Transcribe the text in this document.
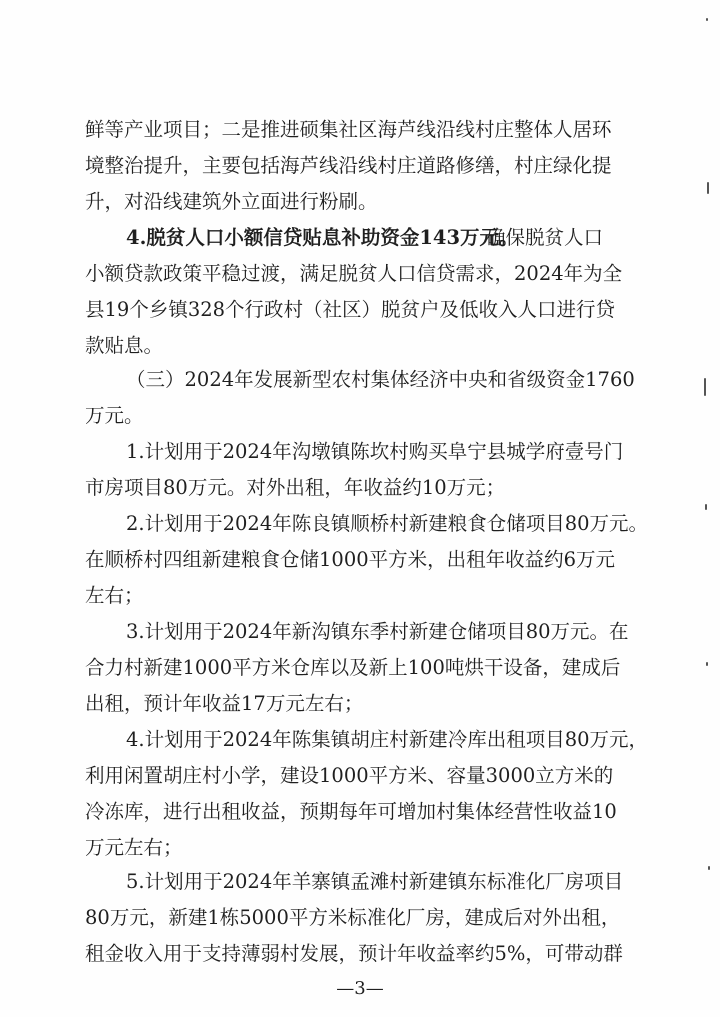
鲜等产业项目；二是推进硕集社区海芦线沿线村庄整体人居环
境整治提升，主要包括海芦线沿线村庄道路修缮，村庄绿化提
升，对沿线建筑外立面进行粉刷。
4.脱贫人口小额信贷贴息补助资金143万元。
确保脱贫人口
小额贷款政策平稳过渡，满足脱贫人口信贷需求，2024年为全
县19个乡镇328个行政村（社区）脱贫户及低收入人口进行贷
款贴息。
（三）2024年发展新型农村集体经济中央和省级资金1760
万元。
1.计划用于2024年沟墩镇陈坎村购买阜宁县城学府壹号门
市房项目80万元。对外出租，年收益约10万元；
2.计划用于2024年陈良镇顺桥村新建粮食仓储项目80万元。
在顺桥村四组新建粮食仓储1000平方米，出租年收益约6万元
左右；
3.计划用于2024年新沟镇东季村新建仓储项目80万元。在
合力村新建1000平方米仓库以及新上100吨烘干设备，建成后
出租，预计年收益17万元左右；
4.计划用于2024年陈集镇胡庄村新建冷库出租项目80万元，
利用闲置胡庄村小学，建设1000平方米、容量3000立方米的
冷冻库，进行出租收益，预期每年可增加村集体经营性收益10
万元左右；
5.计划用于2024年羊寨镇孟滩村新建镇东标准化厂房项目
80万元，新建1栋5000平方米标准化厂房，建成后对外出租，
租金收入用于支持薄弱村发展，预计年收益率约5%，可带动群
—3—
